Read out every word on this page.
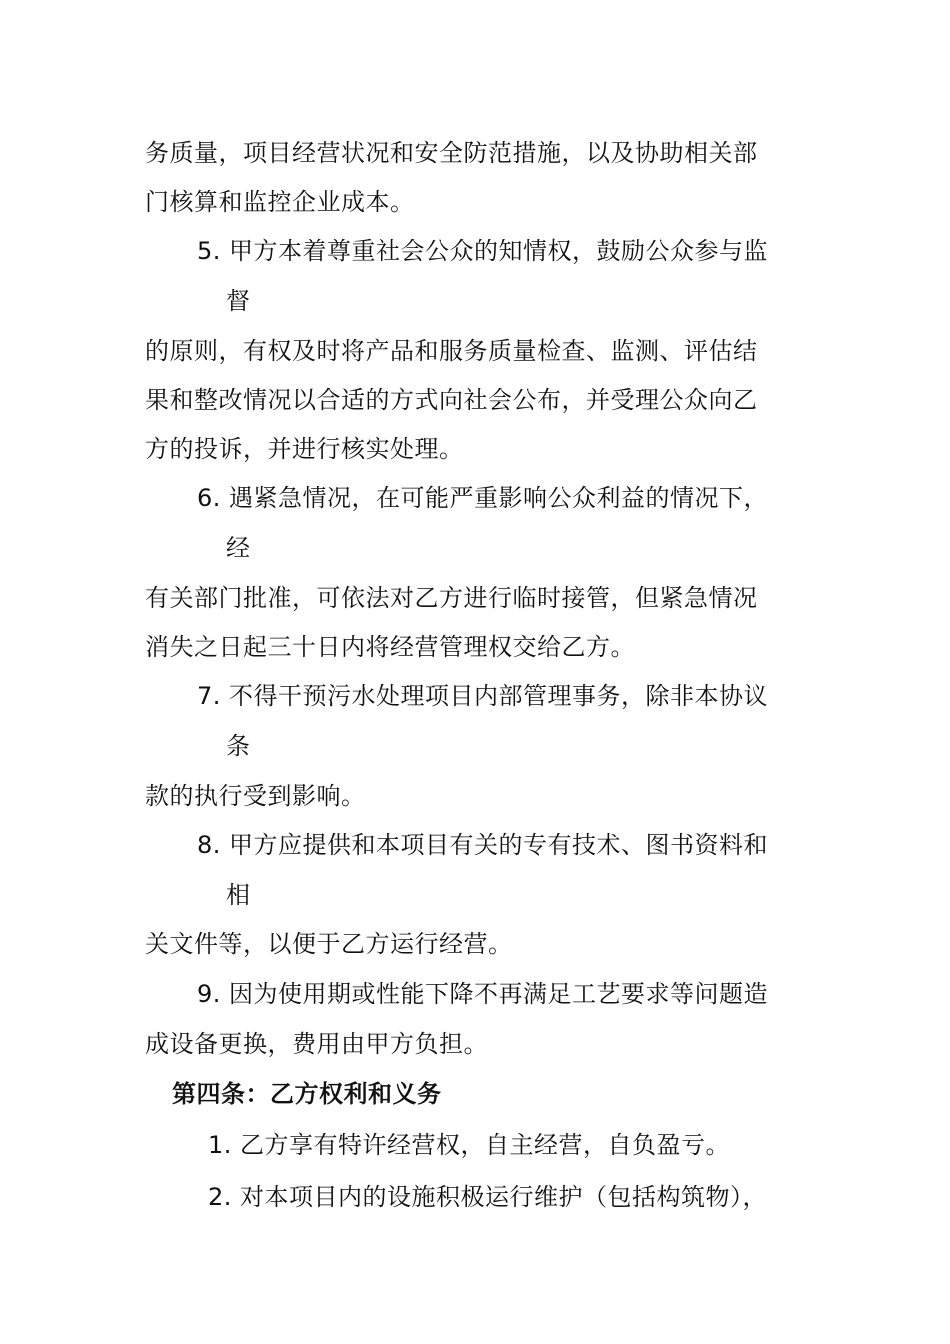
务质量，项目经营状况和安全防范措施，以及协助相关部
门核算和监控企业成本。
5. 甲方本着尊重社会公众的知情权，鼓励公众参与监
督
的原则，有权及时将产品和服务质量检查、监测、评估结
果和整改情况以合适的方式向社会公布，并受理公众向乙
方的投诉，并进行核实处理。
6. 遇紧急情况，在可能严重影响公众利益的情况下，
经
有关部门批准，可依法对乙方进行临时接管，但紧急情况
消失之日起三十日内将经营管理权交给乙方。
7. 不得干预污水处理项目内部管理事务，除非本协议
条
款的执行受到影响。
8. 甲方应提供和本项目有关的专有技术、图书资料和
相
关文件等，以便于乙方运行经营。
9. 因为使用期或性能下降不再满足工艺要求等问题造
成设备更换，费用由甲方负担。
第四条：乙方权利和义务
1. 乙方享有特许经营权，自主经营，自负盈亏。
2. 对本项目内的设施积极运行维护（包括构筑物），
